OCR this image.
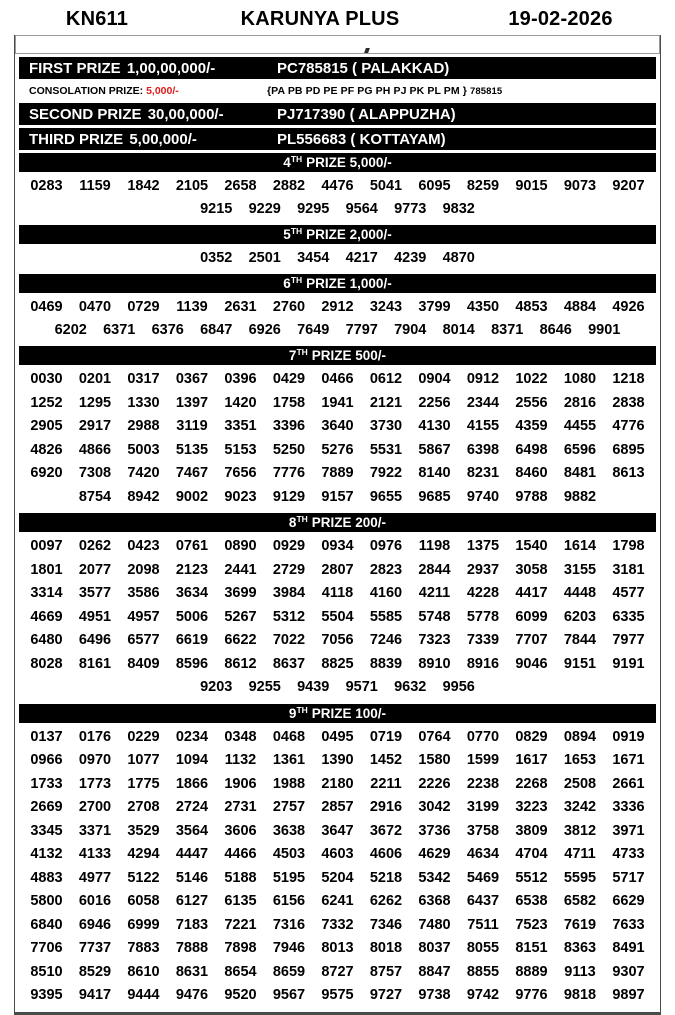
KN611	KARUNYA PLUS	19-02-2026
FIRST PRIZE 1,00,00,000/-	PC785815 ( PALAKKAD)
CONSOLATION PRIZE: 5,000/-	{PA PB PD PE PF PG PH PJ PK PL PM } 785815
SECOND PRIZE 30,00,000/-	PJ717390 ( ALAPPUZHA)
THIRD PRIZE 5,00,000/-	PL556683 ( KOTTAYAM)
4TH PRIZE 5,000/-
0283	1159	1842	2105	2658	2882	4476	5041	6095	8259	9015	9073	9207
9215	9229	9295	9564	9773	9832
5TH PRIZE 2,000/-
0352	2501	3454	4217	4239	4870
6TH PRIZE 1,000/-
0469	0470	0729	1139	2631	2760	2912	3243	3799	4350	4853	4884	4926
6202	6371	6376	6847	6926	7649	7797	7904	8014	8371	8646	9901
7TH PRIZE 500/-
0030	0201	0317	0367	0396	0429	0466	0612	0904	0912	1022	1080	1218
1252	1295	1330	1397	1420	1758	1941	2121	2256	2344	2556	2816	2838
2905	2917	2988	3119	3351	3396	3640	3730	4130	4155	4359	4455	4776
4826	4866	5003	5135	5153	5250	5276	5531	5867	6398	6498	6596	6895
6920	7308	7420	7467	7656	7776	7889	7922	8140	8231	8460	8481	8613
8754	8942	9002	9023	9129	9157	9655	9685	9740	9788	9882
8TH PRIZE 200/-
0097	0262	0423	0761	0890	0929	0934	0976	1198	1375	1540	1614	1798
1801	2077	2098	2123	2441	2729	2807	2823	2844	2937	3058	3155	3181
3314	3577	3586	3634	3699	3984	4118	4160	4211	4228	4417	4448	4577
4669	4951	4957	5006	5267	5312	5504	5585	5748	5778	6099	6203	6335
6480	6496	6577	6619	6622	7022	7056	7246	7323	7339	7707	7844	7977
8028	8161	8409	8596	8612	8637	8825	8839	8910	8916	9046	9151	9191
9203	9255	9439	9571	9632	9956
9TH PRIZE 100/-
0137	0176	0229	0234	0348	0468	0495	0719	0764	0770	0829	0894	0919
0966	0970	1077	1094	1132	1361	1390	1452	1580	1599	1617	1653	1671
1733	1773	1775	1866	1906	1988	2180	2211	2226	2238	2268	2508	2661
2669	2700	2708	2724	2731	2757	2857	2916	3042	3199	3223	3242	3336
3345	3371	3529	3564	3606	3638	3647	3672	3736	3758	3809	3812	3971
4132	4133	4294	4447	4466	4503	4603	4606	4629	4634	4704	4711	4733
4883	4977	5122	5146	5188	5195	5204	5218	5342	5469	5512	5595	5717
5800	6016	6058	6127	6135	6156	6241	6262	6368	6437	6538	6582	6629
6840	6946	6999	7183	7221	7316	7332	7346	7480	7511	7523	7619	7633
7706	7737	7883	7888	7898	7946	8013	8018	8037	8055	8151	8363	8491
8510	8529	8610	8631	8654	8659	8727	8757	8847	8855	8889	9113	9307
9395	9417	9444	9476	9520	9567	9575	9727	9738	9742	9776	9818	9897
